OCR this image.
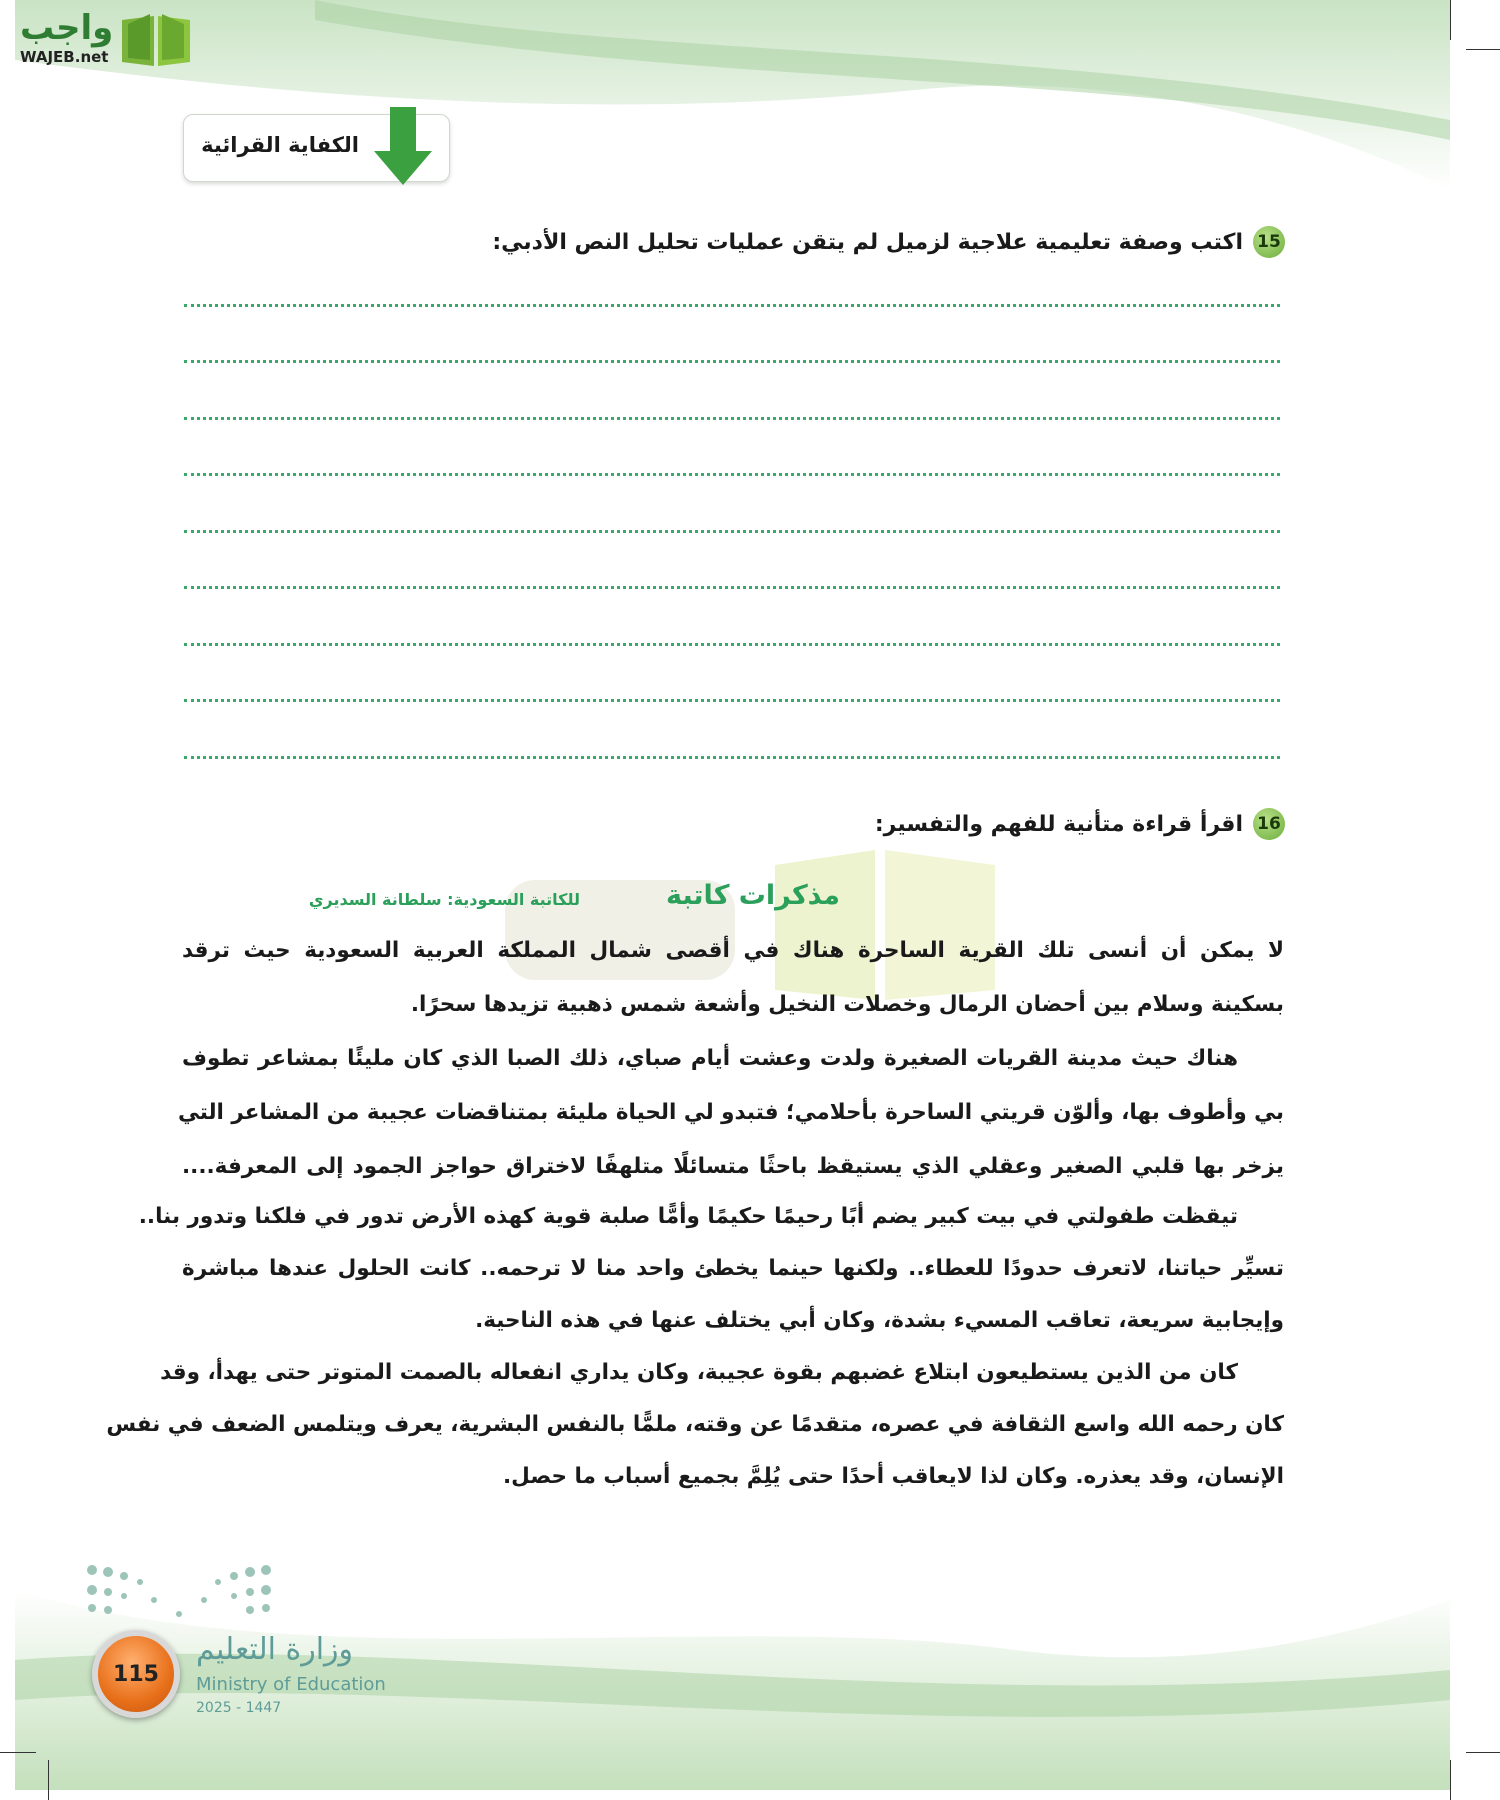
واجب
WAJEB.net
الكفاية القرائية
15
اكتب وصفة تعليمية علاجية لزميل لم يتقن عمليات تحليل النص الأدبي:
16
اقرأ قراءة متأنية للفهم والتفسير:
مذكرات كاتبة
للكاتبة السعودية: سلطانة السديري
لا يمكن أن أنسى تلك القرية الساحرة هناك في أقصى شمال المملكة العربية السعودية حيث ترقد
بسكينة وسلام بين أحضان الرمال وخصلات النخيل وأشعة شمس ذهبية تزيدها سحرًا.
هناك حيث مدينة القريات الصغيرة ولدت وعشت أيام صباي، ذلك الصبا الذي كان مليئًا بمشاعر تطوف
بي وأطوف بها، وألوّن قريتي الساحرة بأحلامي؛ فتبدو لي الحياة مليئة بمتناقضات عجيبة من المشاعر التي
يزخر بها قلبي الصغير وعقلي الذي يستيقظ باحثًا متسائلًا متلهفًا لاختراق حواجز الجمود إلى المعرفة....
تيقظت طفولتي في بيت كبير يضم أبًا رحيمًا حكيمًا وأمًّا صلبة قوية كهذه الأرض تدور في فلكنا وتدور بنا..
تسيِّر حياتنا، لاتعرف حدودًا للعطاء.. ولكنها حينما يخطئ واحد منا لا ترحمه.. كانت الحلول عندها مباشرة
وإيجابية سريعة، تعاقب المسيء بشدة، وكان أبي يختلف عنها في هذه الناحية.
كان من الذين يستطيعون ابتلاع غضبهم بقوة عجيبة، وكان يداري انفعاله بالصمت المتوتر حتى يهدأ، وقد
كان رحمه الله واسع الثقافة في عصره، متقدمًا عن وقته، ملمًّا بالنفس البشرية، يعرف ويتلمس الضعف في نفس
الإنسان، وقد يعذره. وكان لذا لايعاقب أحدًا حتى يُلِمَّ بجميع أسباب ما حصل.
115
وزارة التعليم
Ministry of Education
2025 - 1447
